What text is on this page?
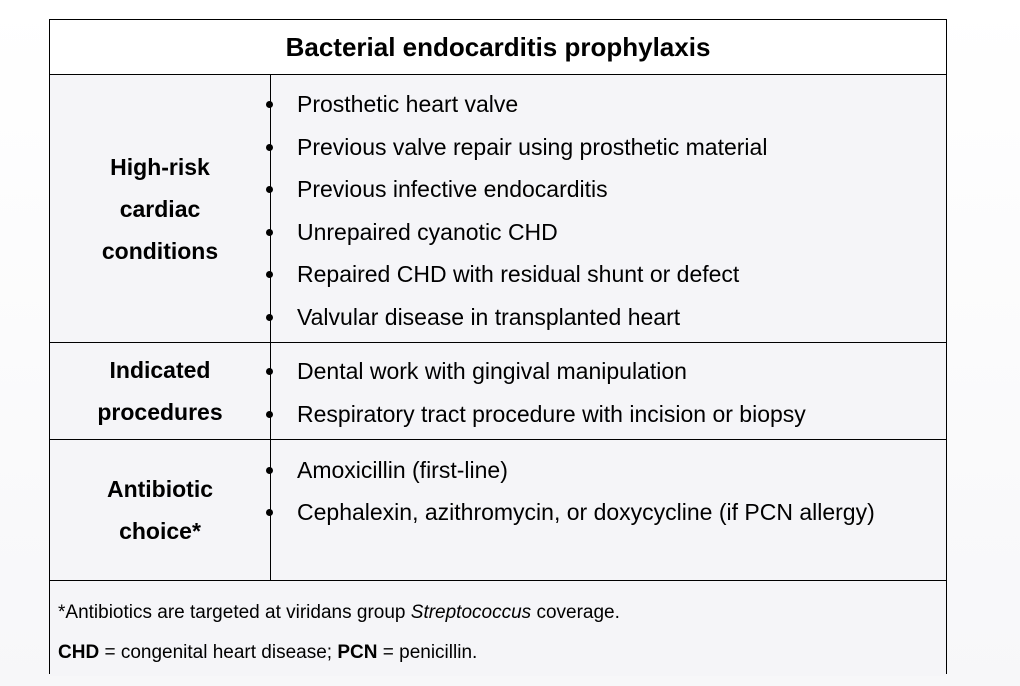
Bacterial endocarditis prophylaxis
High-risk
cardiac
conditions
Prosthetic heart valve
Previous valve repair using prosthetic material
Previous infective endocarditis
Unrepaired cyanotic CHD
Repaired CHD with residual shunt or defect
Valvular disease in transplanted heart
Indicated
procedures
Dental work with gingival manipulation
Respiratory tract procedure with incision or biopsy
Antibiotic
choice*
Amoxicillin (first-line)
Cephalexin, azithromycin, or doxycycline (if PCN allergy)

*Antibiotics are targeted at viridans group Streptococcus coverage.

CHD = congenital heart disease; PCN = penicillin.
